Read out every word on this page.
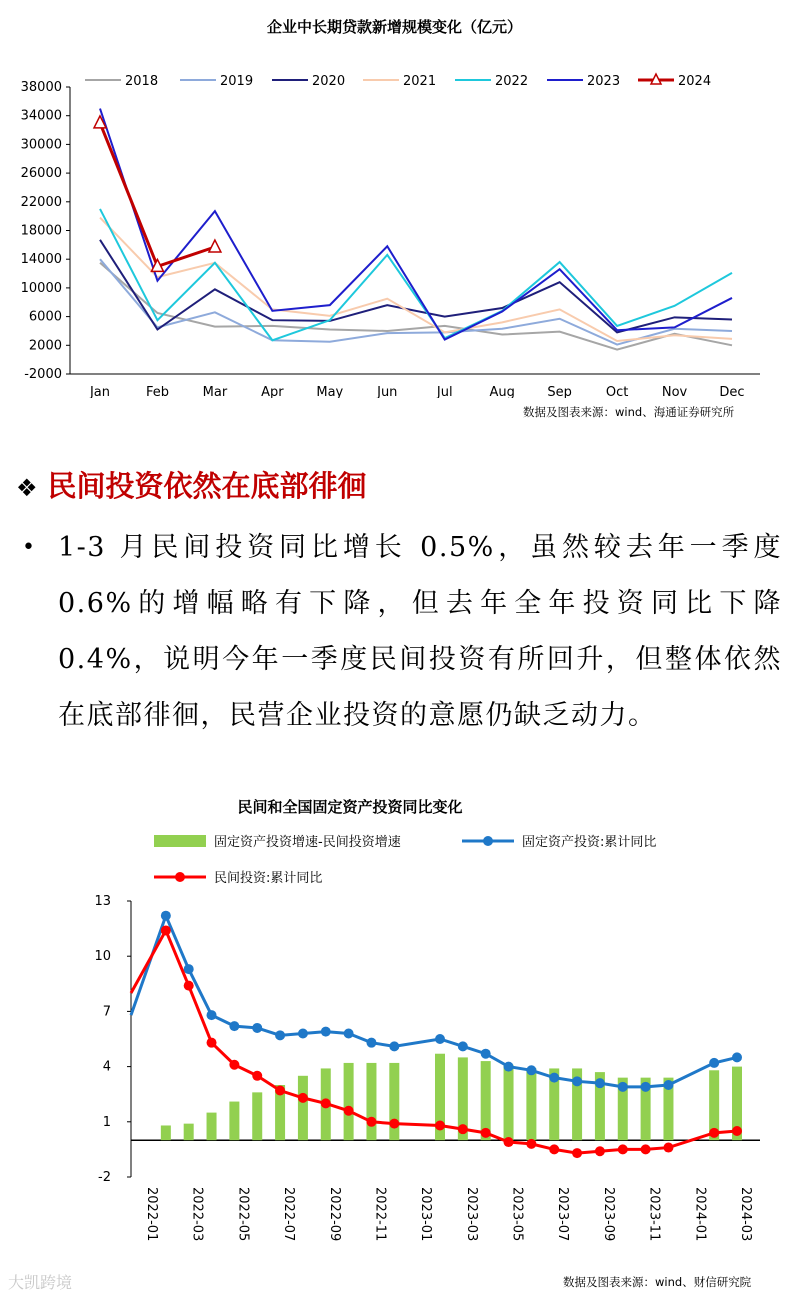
企业中长期贷款新增规模变化（亿元）
-2000
2000
6000
10000
14000
18000
22000
26000
30000
34000
38000
Jan	Feb	Mar	Apr	May	Jun	Jul	Aug	Sep	Oct	Nov Dec
2018	2019	2020	2021	2022	2023	2024
数据及图表来源：wind、海通证券研究所
❖ 民间投资依然在底部徘徊
• 1-3 月民间投资同比增长 0.5%，虽然较去年一季度 0.6%的增幅略有下降，但去年全年投资同比下降 0.4%，说明今年一季度民间投资有所回升，但整体依然在底部徘徊，民营企业投资的意愿仍缺乏动力。
民间和全国固定资产投资同比变化
-2
1
4
7
10
13
2022-01 2022-03 2022-05 2022-07 2022-09 2022-11 2023-01 2023-03 2023-05 2023-07 2023-09 2023-11 2024-01 2024-03
固定资产投资增速-民间投资增速	固定资产投资:累计同比
民间投资:累计同比
数据及图表来源：wind、财信研究院
大凯跨境
